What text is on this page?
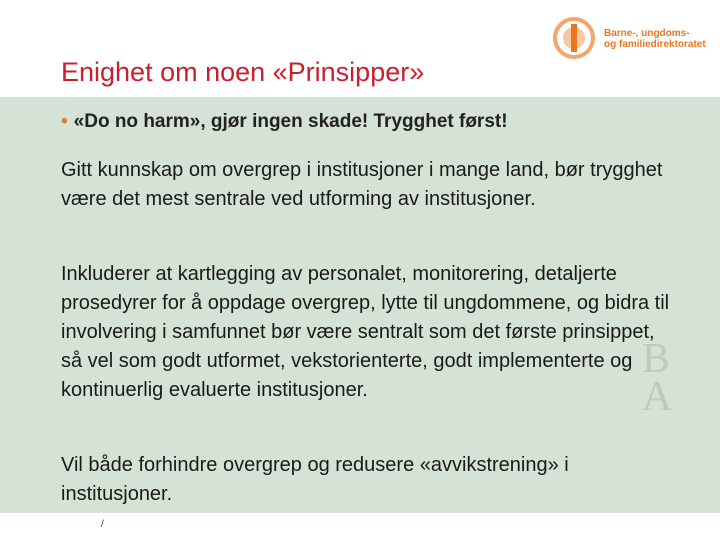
Barne-, ungdoms-
og familiedirektoratet
Enighet om noen «Prinsipper»
• «Do no harm», gjør ingen skade! Trygghet først!
Gitt kunnskap om overgrep i institusjoner i mange land, bør trygghet være det mest sentrale ved utforming av institusjoner.
Inkluderer at kartlegging av personalet, monitorering, detaljerte prosedyrer for å oppdage overgrep, lytte til ungdommene, og bidra til involvering i samfunnet bør være sentralt som det første prinsippet, så vel som godt utformet, vekstorienterte, godt implementerte og kontinuerlig evaluerte institusjoner.
Vil både forhindre overgrep og redusere «avvikstrening» i institusjoner.
B
A
/
